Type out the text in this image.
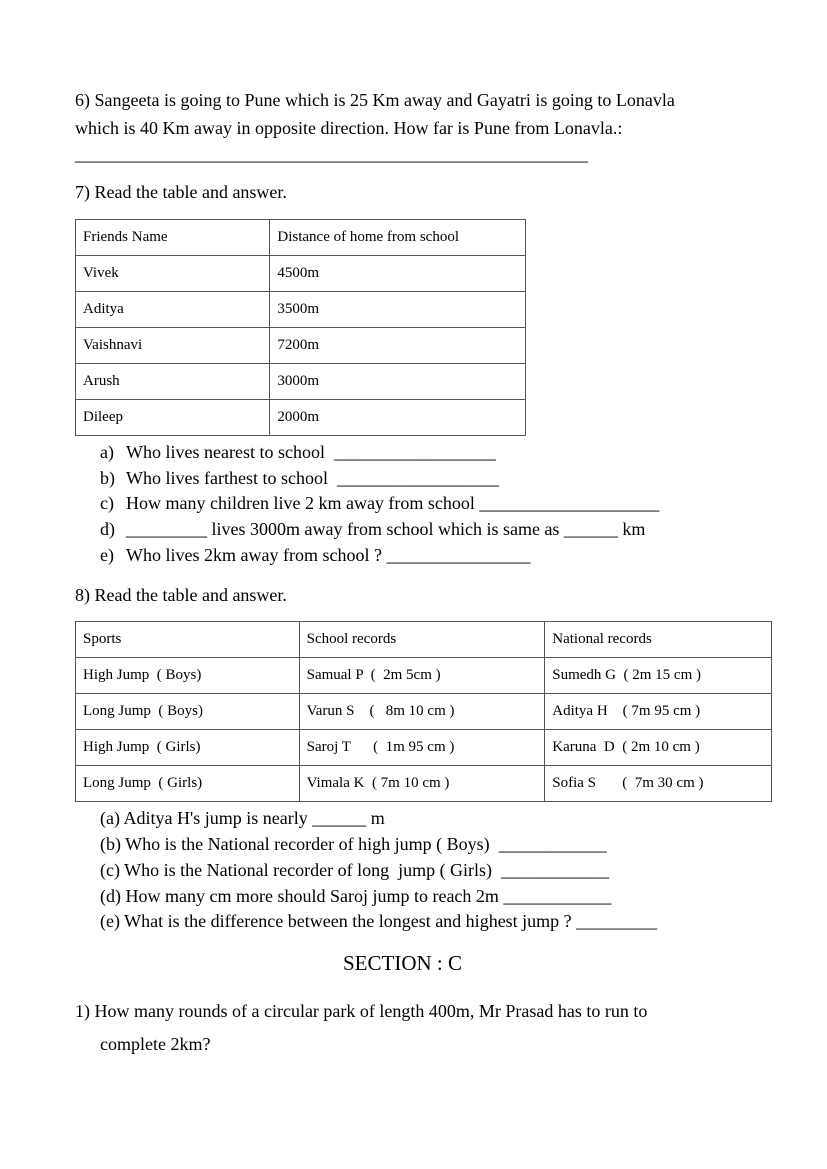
6) Sangeeta is going to Pune which is 25 Km away and Gayatri is going to Lonavla
which is 40 Km away in opposite direction. How far is Pune from Lonavla.:
_________________________________________________________
7) Read the table and answer.
Friends Name	Distance of home from school
Vivek	4500m
Aditya	3500m
Vaishnavi	7200m
Arush	3000m
Dileep	2000m
a) Who lives nearest to school  __________________
b) Who lives farthest to school  __________________
c) How many children live 2 km away from school ____________________
d) _________ lives 3000m away from school which is same as ______ km
e) Who lives 2km away from school ? ________________
8) Read the table and answer.
Sports	School records	National records
High Jump  ( Boys)	Samual P  (  2m 5cm )	Sumedh G  ( 2m 15 cm )
Long Jump  ( Boys)	Varun S    (   8m 10 cm )	Aditya H    ( 7m 95 cm )
High Jump  ( Girls)	Saroj T      (  1m 95 cm )	Karuna  D  ( 2m 10 cm )
Long Jump  ( Girls)	Vimala K  ( 7m 10 cm )	Sofia S       (  7m 30 cm )
(a) Aditya H's jump is nearly ______ m
(b) Who is the National recorder of high jump ( Boys)  ____________
(c) Who is the National recorder of long  jump ( Girls)  ____________
(d) How many cm more should Saroj jump to reach 2m ____________
(e) What is the difference between the longest and highest jump ? _________
SECTION : C
1) How many rounds of a circular park of length 400m, Mr Prasad has to run to
complete 2km?
